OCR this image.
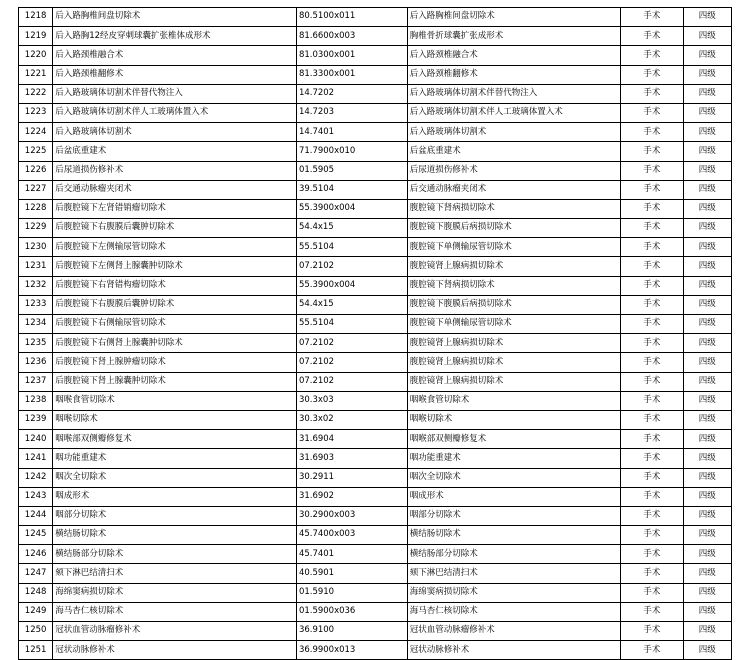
1218	后入路胸椎间盘切除术	80.5100x011	后入路胸椎间盘切除术	手术	四级
1219	后入路胸12经皮穿刺球囊扩张椎体成形术	81.6600x003	胸椎骨折球囊扩张成形术	手术	四级
1220	后入路颈椎融合术	81.0300x001	后入路颈椎融合术	手术	四级
1221	后入路颈椎翻修术	81.3300x001	后入路颈椎翻修术	手术	四级
1222	后入路玻璃体切割术伴替代物注入	14.7202	后入路玻璃体切割术伴替代物注入	手术	四级
1223	后入路玻璃体切割术伴人工玻璃体置入术	14.7203	后入路玻璃体切割术伴人工玻璃体置入术	手术	四级
1224	后入路玻璃体切割术	14.7401	后入路玻璃体切割术	手术	四级
1225	后盆底重建术	71.7900x010	后盆底重建术	手术	四级
1226	后尿道损伤修补术	01.5905	后尿道损伤修补术	手术	四级
1227	后交通动脉瘤夹闭术	39.5104	后交通动脉瘤夹闭术	手术	四级
1228	后腹腔镜下左肾错销瘤切除术	55.3900x004	腹腔镜下肾病损切除术	手术	四级
1229	后腹腔镜下右腹膜后囊肿切除术	54.4x15	腹腔镜下腹膜后病损切除术	手术	四级
1230	后腹腔镜下左侧输尿管切除术	55.5104	腹腔镜下单侧输尿管切除术	手术	四级
1231	后腹腔镜下左侧肾上腺囊肿切除术	07.2102	腹腔镜肾上腺病损切除术	手术	四级
1232	后腹腔镜下右肾错构瘤切除术	55.3900x004	腹腔镜下肾病损切除术	手术	四级
1233	后腹腔镜下右腹膜后囊肿切除术	54.4x15	腹腔镜下腹膜后病损切除术	手术	四级
1234	后腹腔镜下右侧输尿管切除术	55.5104	腹腔镜下单侧输尿管切除术	手术	四级
1235	后腹腔镜下右侧肾上腺囊肿切除术	07.2102	腹腔镜肾上腺病损切除术	手术	四级
1236	后腹腔镜下肾上腺肿瘤切除术	07.2102	腹腔镜肾上腺病损切除术	手术	四级
1237	后腹腔镜下肾上腺囊肿切除术	07.2102	腹腔镜肾上腺病损切除术	手术	四级
1238	咽喉食管切除术	30.3x03	咽喉食管切除术	手术	四级
1239	咽喉切除术	30.3x02	咽喉切除术	手术	四级
1240	咽喉部双侧瓣修复术	31.6904	咽喉部双侧瓣修复术	手术	四级
1241	咽功能重建术	31.6903	咽功能重建术	手术	四级
1242	咽次全切除术	30.2911	咽次全切除术	手术	四级
1243	咽成形术	31.6902	咽成形术	手术	四级
1244	咽部分切除术	30.2900x003	咽部分切除术	手术	四级
1245	横结肠切除术	45.7400x003	横结肠切除术	手术	四级
1246	横结肠部分切除术	45.7401	横结肠部分切除术	手术	四级
1247	颏下淋巴结清扫术	40.5901	颏下淋巴结清扫术	手术	四级
1248	海绵窦病损切除术	01.5910	海绵窦病损切除术	手术	四级
1249	海马杏仁核切除术	01.5900x036	海马杏仁核切除术	手术	四级
1250	冠状血管动脉瘤修补术	36.9100	冠状血管动脉瘤修补术	手术	四级
1251	冠状动脉修补术	36.9900x013	冠状动脉修补术	手术	四级
